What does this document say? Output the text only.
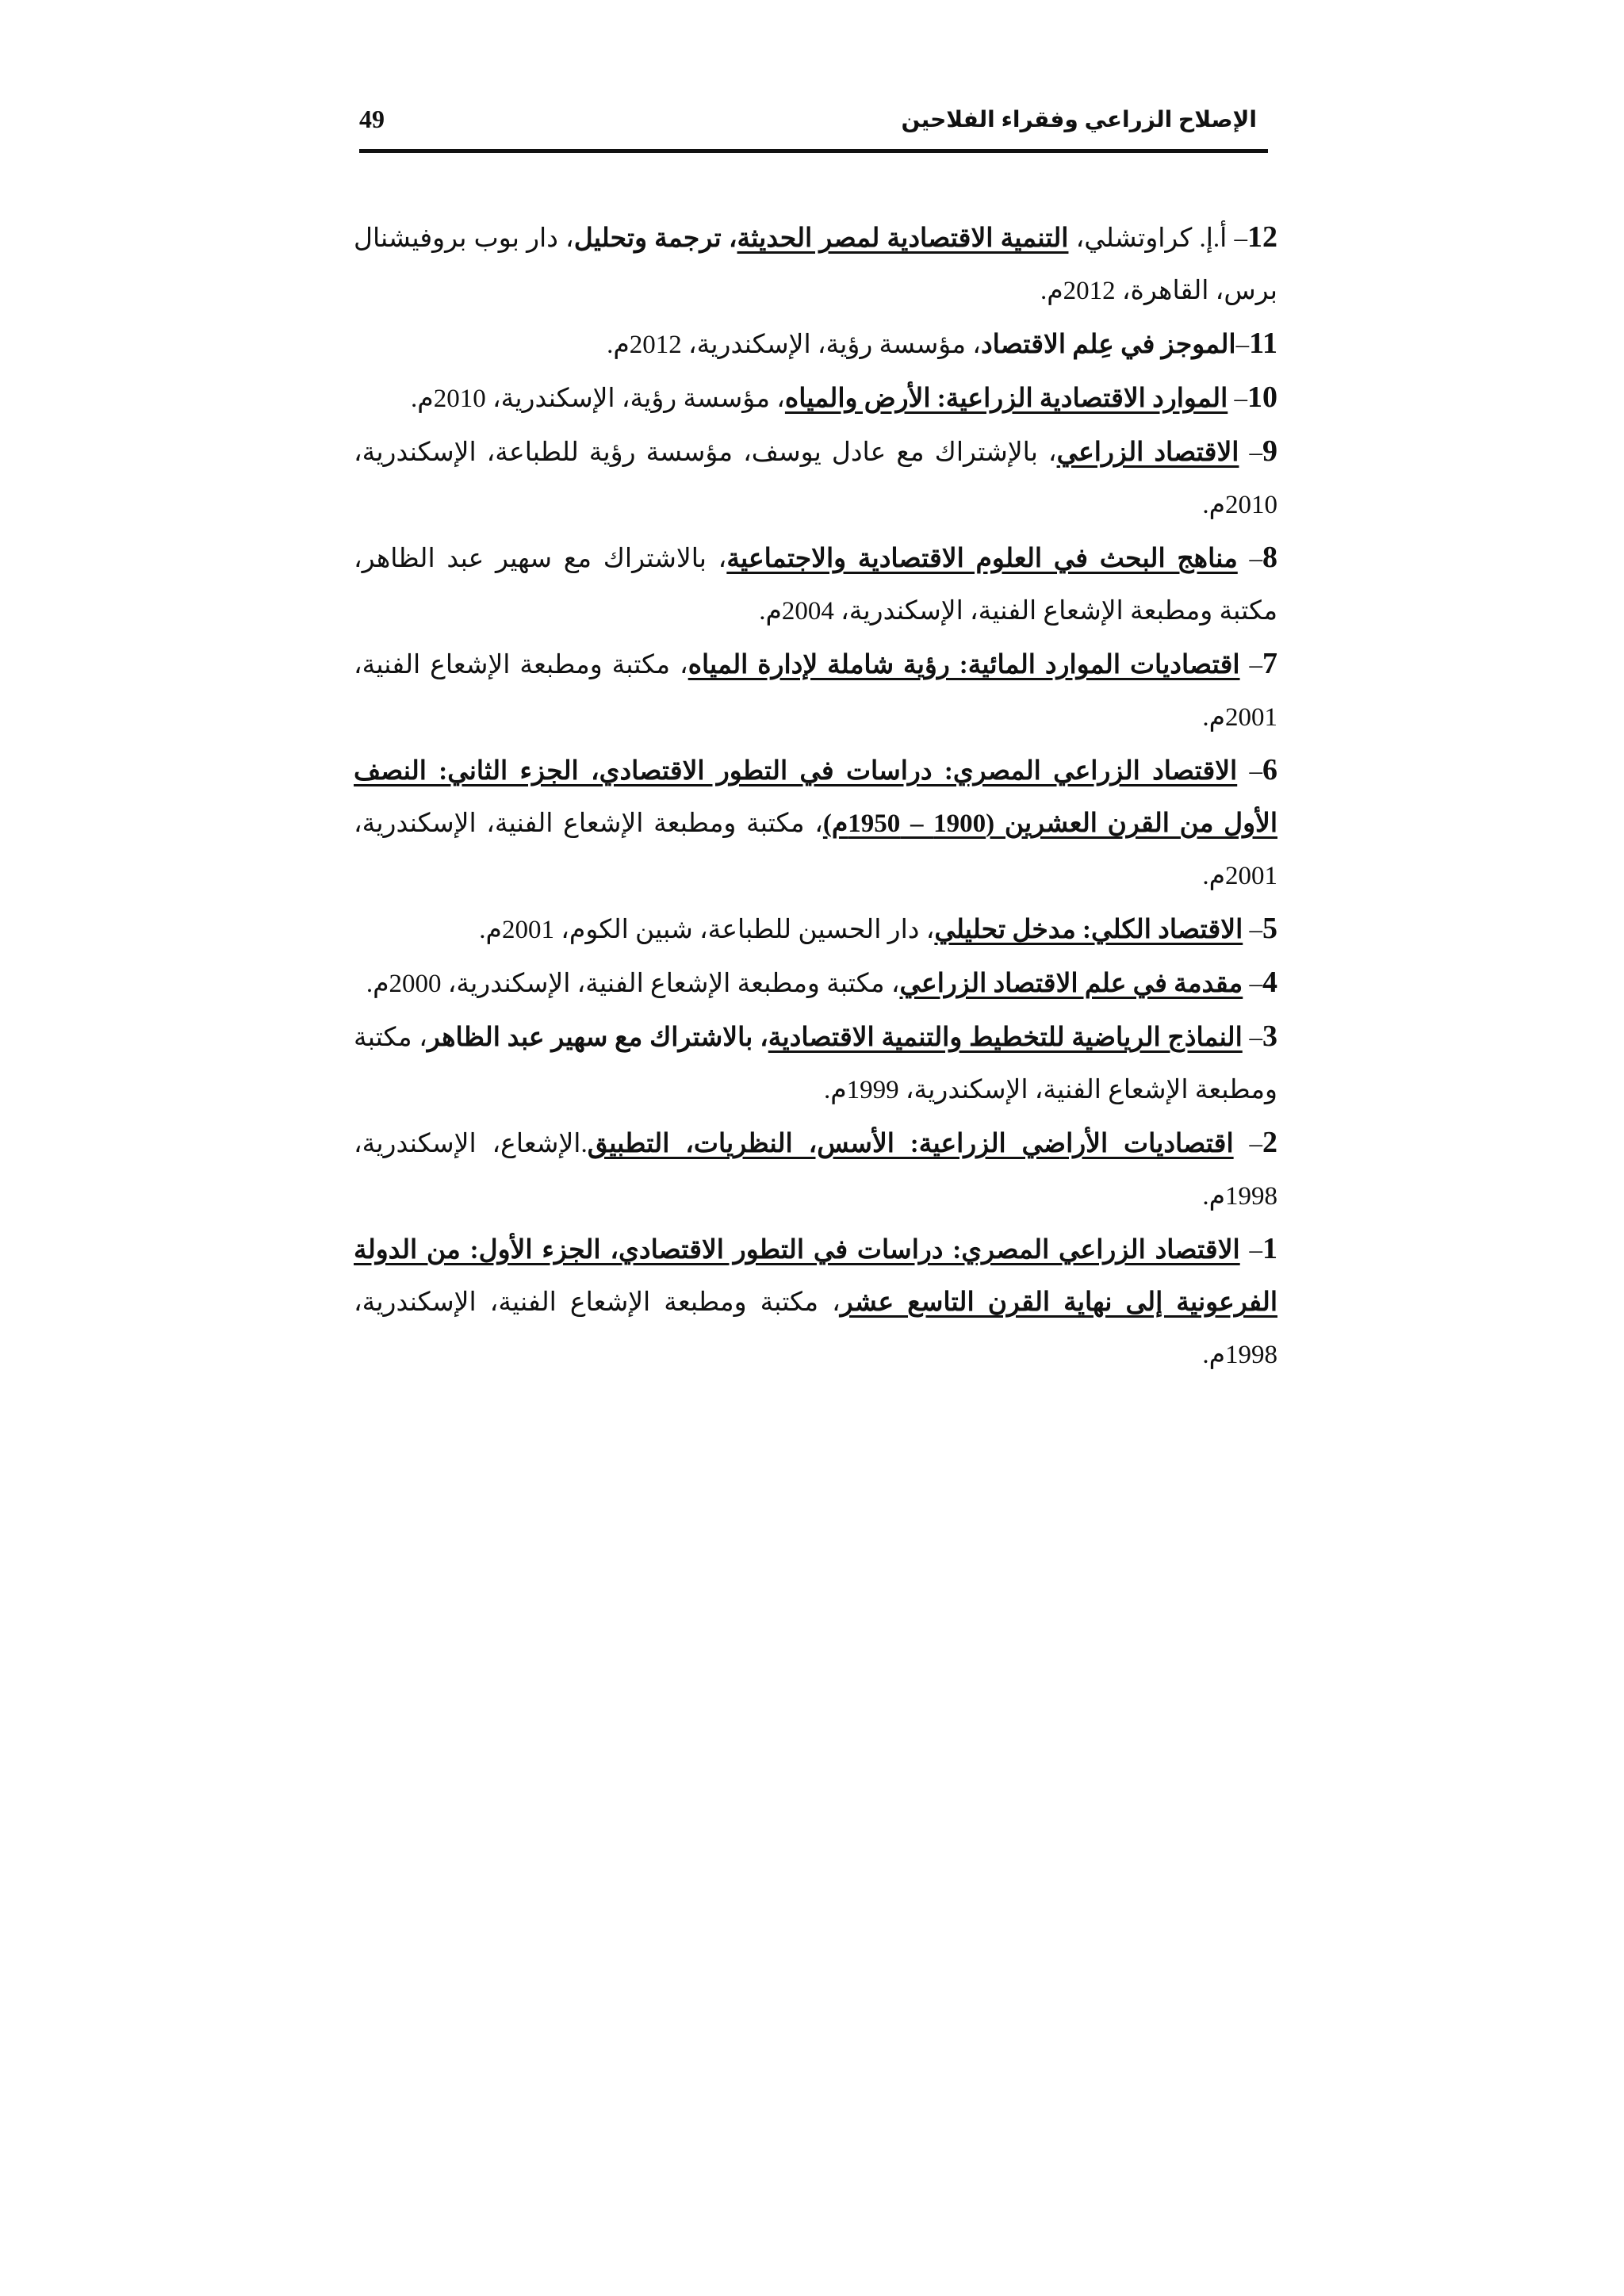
الإصلاح الزراعي وفقراء الفلاحين
49

12– أ.إ. كراوتشلي، التنمية الاقتصادية لمصر الحديثة، ترجمة وتحليل، دار بوب بروفيشنال برس، القاهرة، 2012م.

11–الموجز في عِلم الاقتصاد، مؤسسة رؤية، الإسكندرية، 2012م.

10– الموارد الاقتصادية الزراعية: الأرض والمياه، مؤسسة رؤية، الإسكندرية، 2010م.

9– الاقتصاد الزراعي، بالإشتراك مع عادل يوسف، مؤسسة رؤية للطباعة، الإسكندرية، 2010م.

8– مناهج البحث في العلوم الاقتصادية والاجتماعية، بالاشتراك مع سهير عبد الظاهر، مكتبة ومطبعة الإشعاع الفنية، الإسكندرية، 2004م.

7– اقتصاديات الموارد المائية: رؤية شاملة لإدارة المياه، مكتبة ومطبعة الإشعاع الفنية، 2001م.

6– الاقتصاد الزراعي المصري: دراسات في التطور الاقتصادي، الجزء الثاني: النصف الأول من القرن العشرين (1900 – 1950م)، مكتبة ومطبعة الإشعاع الفنية، الإسكندرية، 2001م.

5– الاقتصاد الكلي: مدخل تحليلي، دار الحسين للطباعة، شبين الكوم، 2001م.

4– مقدمة في علم الاقتصاد الزراعي، مكتبة ومطبعة الإشعاع الفنية، الإسكندرية، 2000م.

3– النماذج الرياضية للتخطيط والتنمية الاقتصادية، بالاشتراك مع سهير عبد الظاهر، مكتبة ومطبعة الإشعاع الفنية، الإسكندرية، 1999م.

2– اقتصاديات الأراضي الزراعية: الأسس، النظريات، التطبيق.الإشعاع، الإسكندرية، 1998م.

1– الاقتصاد الزراعي المصري: دراسات في التطور الاقتصادي، الجزء الأول: من الدولة الفرعونية إلى نهاية القرن التاسع عشر، مكتبة ومطبعة الإشعاع الفنية، الإسكندرية، 1998م.
